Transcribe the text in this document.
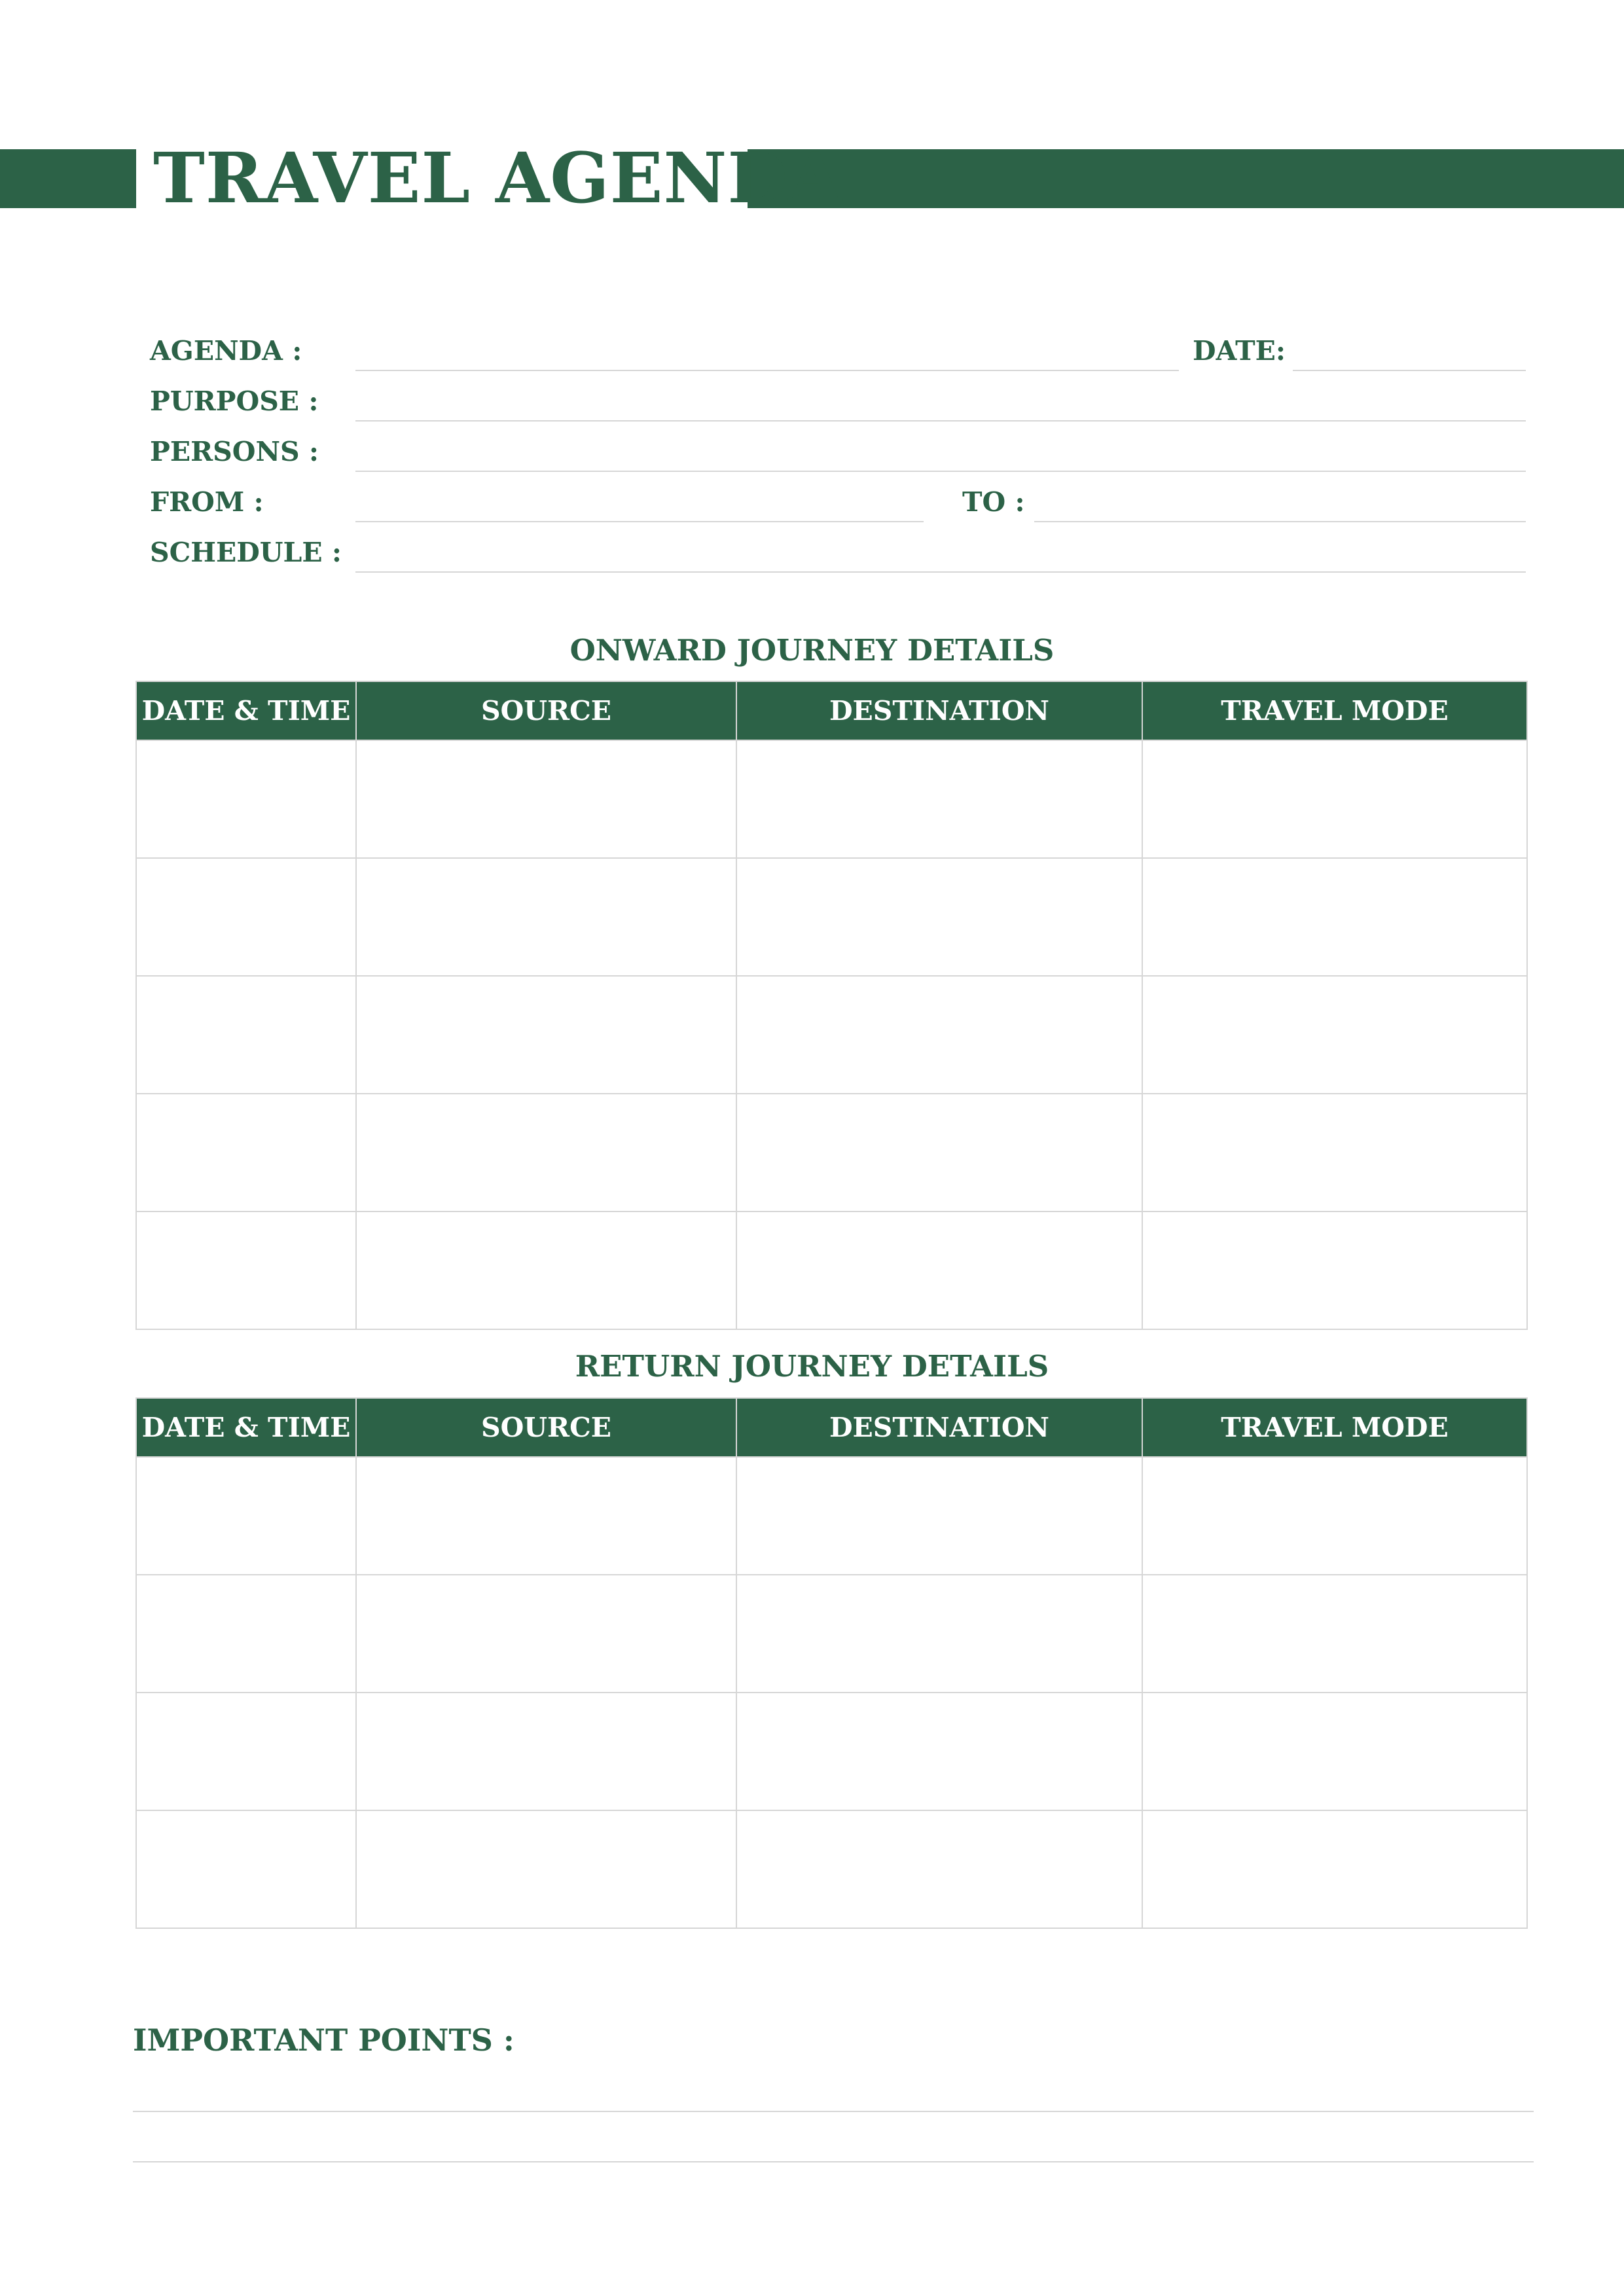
TRAVEL AGENDA
AGENDA :	DATE:
PURPOSE :
PERSONS :
FROM :	TO :
SCHEDULE :
ONWARD JOURNEY DETAILS
DATE & TIME	SOURCE	DESTINATION	TRAVEL MODE

RETURN JOURNEY DETAILS
DATE & TIME	SOURCE	DESTINATION	TRAVEL MODE

IMPORTANT POINTS :
